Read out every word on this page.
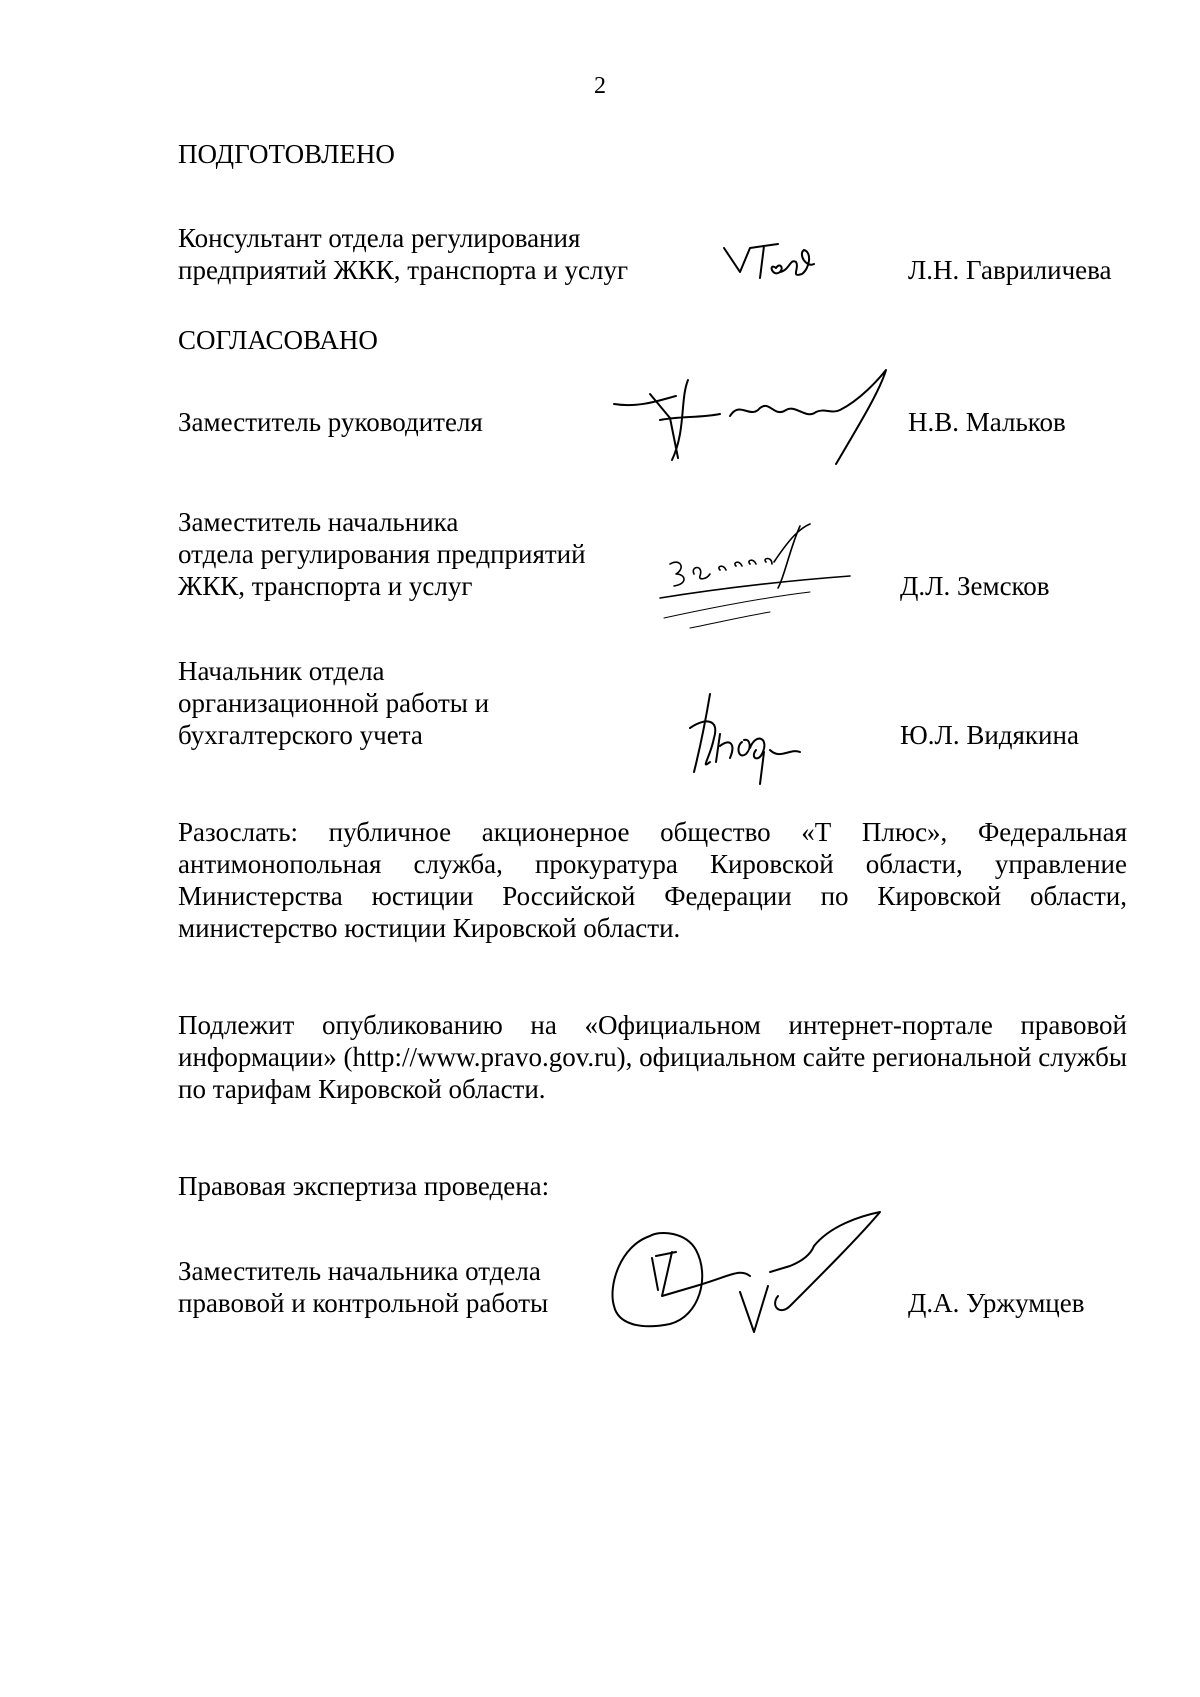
2
ПОДГОТОВЛЕНО
Консультант отдела регулирования
предприятий ЖКК, транспорта и услуг	Л.Н. Гавриличева
СОГЛАСОВАНО
Заместитель руководителя	Н.В. Мальков
Заместитель начальника
отдела регулирования предприятий
ЖКК, транспорта и услуг	Д.Л. Земсков
Начальник отдела
организационной работы и
бухгалтерского учета	Ю.Л. Видякина
Разослать: публичное акционерное общество «Т Плюс», Федеральная антимонопольная служба, прокуратура Кировской области, управление Министерства юстиции Российской Федерации по Кировской области, министерство юстиции Кировской области.
Подлежит опубликованию на «Официальном интернет-портале правовой информации» (http://www.pravo.gov.ru), официальном сайте региональной службы по тарифам Кировской области.
Правовая экспертиза проведена:
Заместитель начальника отдела
правовой и контрольной работы	Д.А. Уржумцев
